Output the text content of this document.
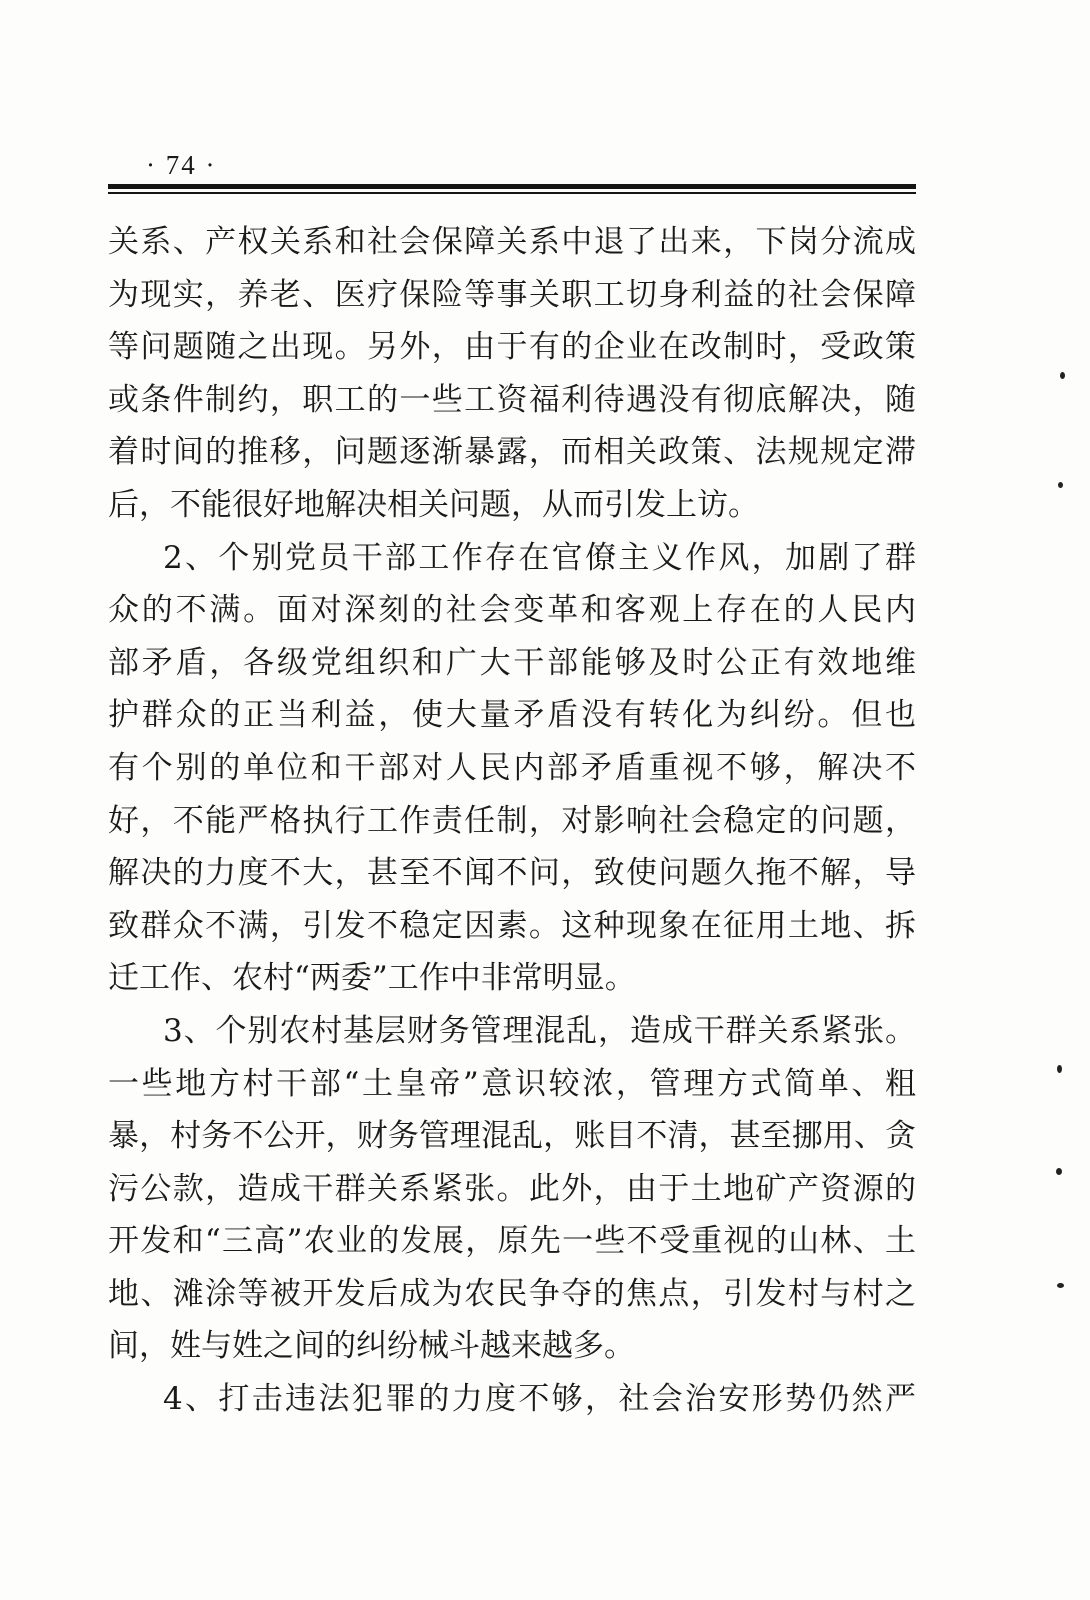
· 74 ·
关系、产权关系和社会保障关系中退了出来，下岗分流成
为现实，养老、医疗保险等事关职工切身利益的社会保障
等问题随之出现。另外，由于有的企业在改制时，受政策
或条件制约，职工的一些工资福利待遇没有彻底解决，随
着时间的推移，问题逐渐暴露，而相关政策、法规规定滞
后，不能很好地解决相关问题，从而引发上访。
2、个别党员干部工作存在官僚主义作风，加剧了群
众的不满。面对深刻的社会变革和客观上存在的人民内
部矛盾，各级党组织和广大干部能够及时公正有效地维
护群众的正当利益，使大量矛盾没有转化为纠纷。但也
有个别的单位和干部对人民内部矛盾重视不够，解决不
好，不能严格执行工作责任制，对影响社会稳定的问题，
解决的力度不大，甚至不闻不问，致使问题久拖不解，导
致群众不满，引发不稳定因素。这种现象在征用土地、拆
迁工作、农村“两委”工作中非常明显。
3、个别农村基层财务管理混乱，造成干群关系紧张。
一些地方村干部“土皇帝”意识较浓，管理方式简单、粗
暴，村务不公开，财务管理混乱，账目不清，甚至挪用、贪
污公款，造成干群关系紧张。此外，由于土地矿产资源的
开发和“三高”农业的发展，原先一些不受重视的山林、土
地、滩涂等被开发后成为农民争夺的焦点，引发村与村之
间，姓与姓之间的纠纷械斗越来越多。
4、打击违法犯罪的力度不够，社会治安形势仍然严
